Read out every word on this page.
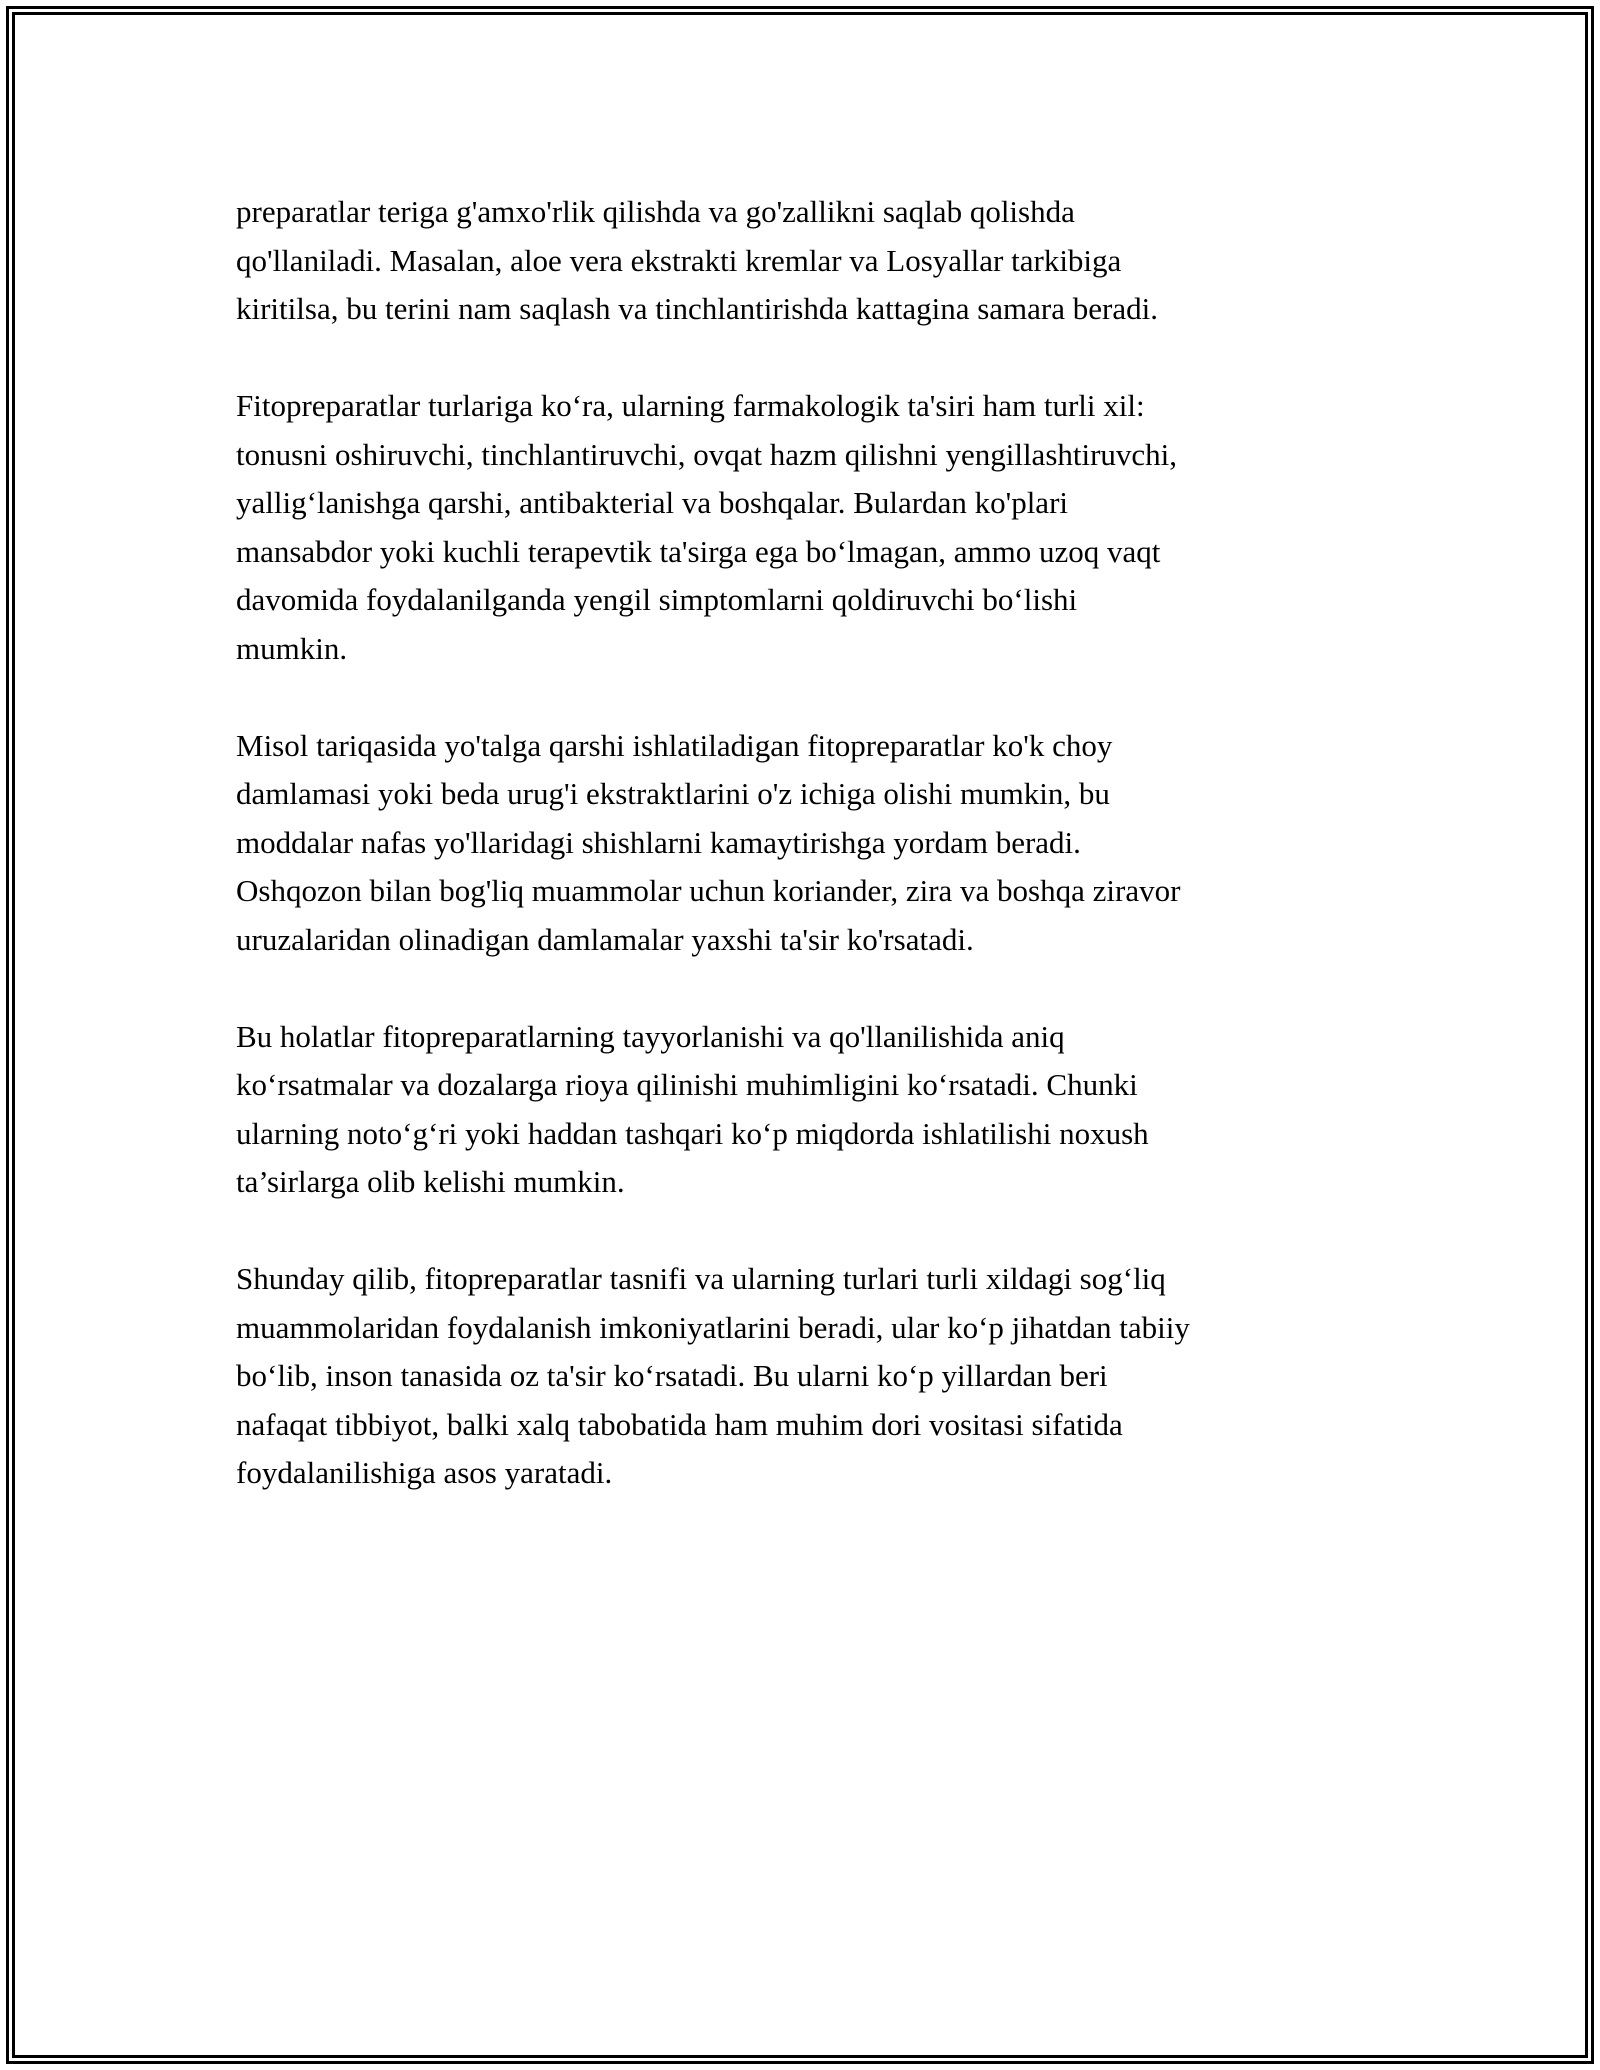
preparatlar teriga g'amxo'rlik qilishda va go'zallikni saqlab qolishda
qo'llaniladi. Masalan, aloe vera ekstrakti kremlar va Losyallar tarkibiga
kiritilsa, bu terini nam saqlash va tinchlantirishda kattagina samara beradi.

Fitopreparatlar turlariga ko‘ra, ularning farmakologik ta'siri ham turli xil:
tonusni oshiruvchi, tinchlantiruvchi, ovqat hazm qilishni yengillashtiruvchi,
yallig‘lanishga qarshi, antibakterial va boshqalar. Bulardan ko'plari
mansabdor yoki kuchli terapevtik ta'sirga ega bo‘lmagan, ammo uzoq vaqt
davomida foydalanilganda yengil simptomlarni qoldiruvchi bo‘lishi
mumkin.

Misol tariqasida yo'talga qarshi ishlatiladigan fitopreparatlar ko'k choy
damlamasi yoki beda urug'i ekstraktlarini o'z ichiga olishi mumkin, bu
moddalar nafas yo'llaridagi shishlarni kamaytirishga yordam beradi.
Oshqozon bilan bog'liq muammolar uchun koriander, zira va boshqa ziravor
uruzalaridan olinadigan damlamalar yaxshi ta'sir ko'rsatadi.

Bu holatlar fitopreparatlarning tayyorlanishi va qo'llanilishida aniq
ko‘rsatmalar va dozalarga rioya qilinishi muhimligini ko‘rsatadi. Chunki
ularning noto‘g‘ri yoki haddan tashqari ko‘p miqdorda ishlatilishi noxush
ta’sirlarga olib kelishi mumkin.

Shunday qilib, fitopreparatlar tasnifi va ularning turlari turli xildagi sog‘liq
muammolaridan foydalanish imkoniyatlarini beradi, ular ko‘p jihatdan tabiiy
bo‘lib, inson tanasida oz ta'sir ko‘rsatadi. Bu ularni ko‘p yillardan beri
nafaqat tibbiyot, balki xalq tabobatida ham muhim dori vositasi sifatida
foydalanilishiga asos yaratadi.
